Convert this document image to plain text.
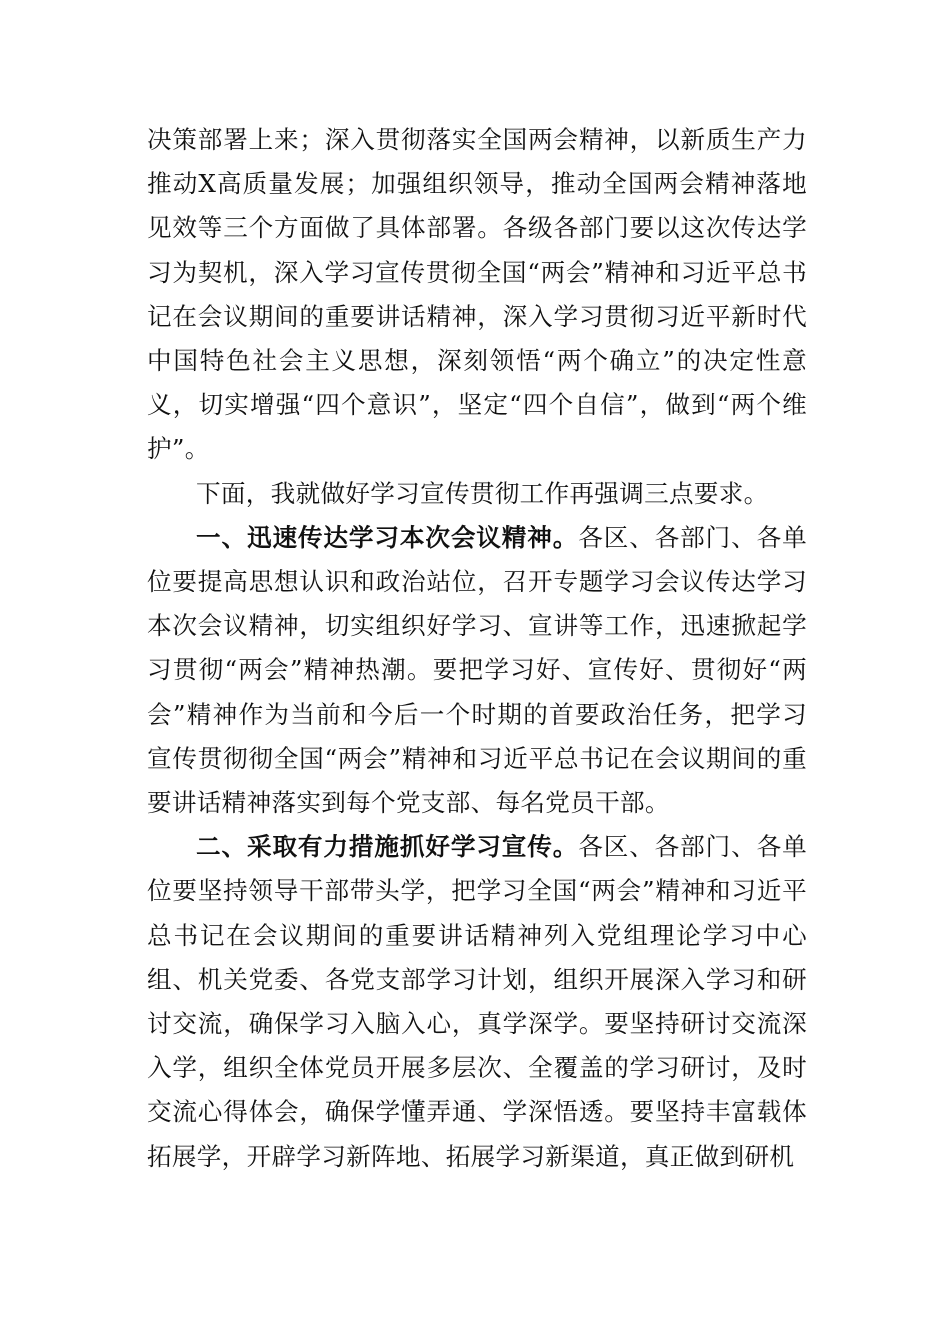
决策部署上来；深入贯彻落实全国两会精神，以新质生产力推动X高质量发展；加强组织领导，推动全国两会精神落地见效等三个方面做了具体部署。各级各部门要以这次传达学习为契机，深入学习宣传贯彻全国“两会”精神和习近平总书记在会议期间的重要讲话精神，深入学习贯彻习近平新时代中国特色社会主义思想，深刻领悟“两个确立”的决定性意义，切实增强“四个意识”，坚定“四个自信”，做到“两个维护”。

下面，我就做好学习宣传贯彻工作再强调三点要求。

一、迅速传达学习本次会议精神。各区、各部门、各单位要提高思想认识和政治站位，召开专题学习会议传达学习本次会议精神，切实组织好学习、宣讲等工作，迅速掀起学习贯彻“两会”精神热潮。要把学习好、宣传好、贯彻好“两会”精神作为当前和今后一个时期的首要政治任务，把学习宣传贯彻彻全国“两会”精神和习近平总书记在会议期间的重要讲话精神落实到每个党支部、每名党员干部。

二、采取有力措施抓好学习宣传。各区、各部门、各单位要坚持领导干部带头学，把学习全国“两会”精神和习近平总书记在会议期间的重要讲话精神列入党组理论学习中心组、机关党委、各党支部学习计划，组织开展深入学习和研讨交流，确保学习入脑入心，真学深学。要坚持研讨交流深入学，组织全体党员开展多层次、全覆盖的学习研讨，及时交流心得体会，确保学懂弄通、学深悟透。要坚持丰富载体拓展学，开辟学习新阵地、拓展学习新渠道，真正做到研机
